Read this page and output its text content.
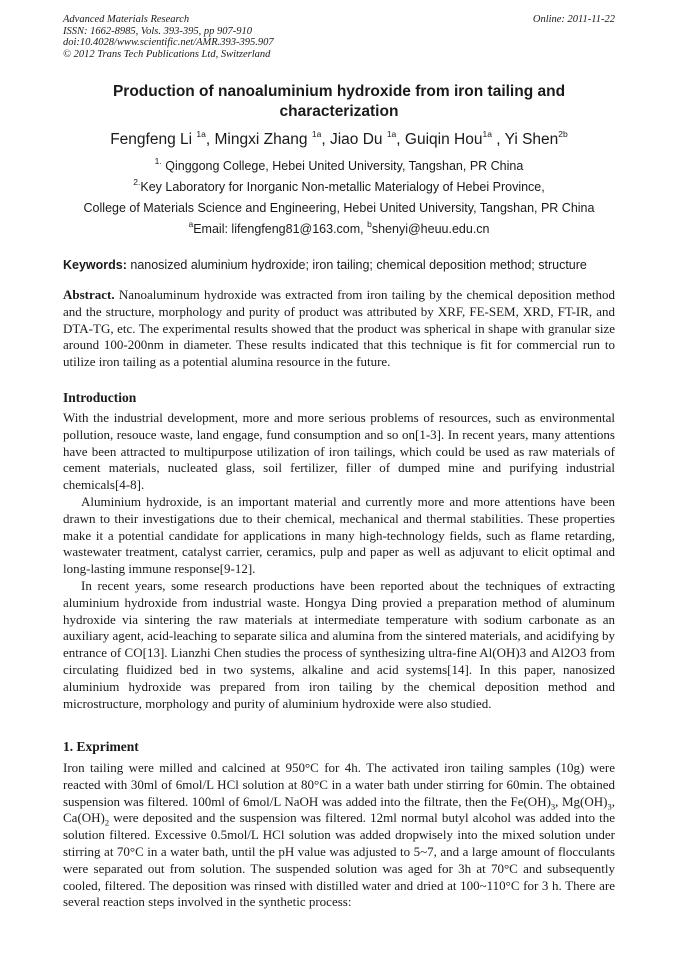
Advanced Materials Research
ISSN: 1662-8985, Vols. 393-395, pp 907-910
doi:10.4028/www.scientific.net/AMR.393-395.907
© 2012 Trans Tech Publications Ltd, Switzerland
Online: 2011-11-22
Production of nanoaluminium hydroxide from iron tailing and
characterization
Fengfeng Li $^{1a}$, Mingxi Zhang $^{1a}$, Jiao Du $^{1a}$, Guiqin Hou$^{1a}$ , Yi Shen$^{2b}$
$^{1.}$ Qinggong College, Hebei United University, Tangshan, PR China
$^{2.}$Key Laboratory for Inorganic Non-metallic Materialogy of Hebei Province,
College of Materials Science and Engineering, Hebei United University, Tangshan, PR China
$^a$Email: lifengfeng81@163.com, $^b$shenyi@heuu.edu.cn
Keywords: nanosized aluminium hydroxide; iron tailing; chemical deposition method; structure

Abstract. Nanoaluminum hydroxide was extracted from iron tailing by the chemical deposition method and the structure, morphology and purity of product was attributed by XRF, FE-SEM, XRD, FT-IR, and DTA-TG, etc. The experimental results showed that the product was spherical in shape with granular size around 100-200nm in diameter. These results indicated that this technique is fit for commercial run to utilize iron tailing as a potential alumina resource in the future.

Introduction

With the industrial development, more and more serious problems of resources, such as environmental pollution, resouce waste, land engage, fund consumption and so on[1-3]. In recent years, many attentions have been attracted to multipurpose utilization of iron tailings, which could be used as raw materials of cement materials, nucleated glass, soil fertilizer, filler of dumped mine and purifying industrial chemicals[4-8].

Aluminium hydroxide, is an important material and currently more and more attentions have been drawn to their investigations due to their chemical, mechanical and thermal stabilities. These properties make it a potential candidate for applications in many high-technology fields, such as flame retarding, wastewater treatment, catalyst carrier, ceramics, pulp and paper as well as adjuvant to elicit optimal and long-lasting immune response[9-12].

In recent years, some research productions have been reported about the techniques of extracting aluminium hydroxide from industrial waste. Hongya Ding provied a preparation method of aluminum hydroxide via sintering the raw materials at intermediate temperature with sodium carbonate as an auxiliary agent, acid-leaching to separate silica and alumina from the sintered materials, and acidifying by entrance of CO[13]. Lianzhi Chen studies the process of synthesizing ultra-fine Al(OH)3 and Al2O3 from circulating fluidized bed in two systems, alkaline and acid systems[14]. In this paper, nanosized aluminium hydroxide was prepared from iron tailing by the chemical deposition method and microstructure, morphology and purity of aluminium hydroxide were also studied.

1. Expriment

Iron tailing were milled and calcined at 950°C for 4h. The activated iron tailing samples (10g) were reacted with 30ml of 6mol/L HCl solution at 80°C in a water bath under stirring for 60min. The obtained suspension was filtered. 100ml of 6mol/L NaOH was added into the filtrate, then the $Fe(OH)_3$, $Mg(OH)_3$, $Ca(OH)_2$ were deposited and the suspension was filtered. 12ml normal butyl alcohol was added into the solution filtered. Excessive 0.5mol/L HCl solution was added dropwisely into the mixed solution under stirring at 70°C in a water bath, until the pH value was adjusted to 5~7, and a large amount of flocculants were separated out from solution. The suspended solution was aged for 3h at 70°C and subsequently cooled, filtered. The deposition was rinsed with distilled water and dried at 100~110°C for 3 h. There are several reaction steps involved in the synthetic process:
